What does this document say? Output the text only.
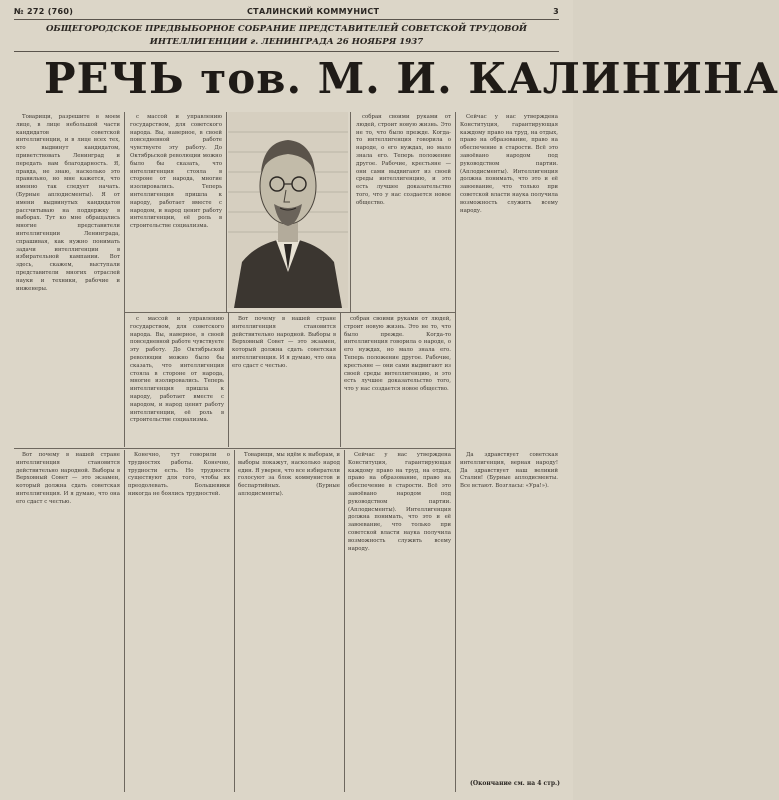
№ 272 (760)	СТАЛИНСКИЙ КОММУНИСТ	3
ОБЩЕГОРОДСКОЕ ПРЕДВЫБОРНОЕ СОБРАНИЕ ПРЕДСТАВИТЕЛЕЙ СОВЕТСКОЙ ТРУДОВОЙ
ИНТЕЛЛИГЕНЦИИ г. ЛЕНИНГРАДА 26 НОЯБРЯ 1937
РЕЧЬ тов. М. И. КАЛИНИНА

Товарищи, разрешите в моем лице, в лице небольшой части кандидатов советской интеллигенции, и в лице всех тех, кто выдвинут кандидатом, приветствовать Ленинград и передать вам благодарность. Я, правда, не знаю, насколько это правильно, но мне кажется, что именно так следует начать. (Бурные аплодисменты). Я от имени выдвинутых кандидатов рассчитываю на поддержку в выборах. Тут ко мне обращались многие представители интеллигенции Ленинграда, спрашивая, как нужно понимать задачи интеллигенции в избирательной кампании. Вот здесь, скажем, выступали представители многих отраслей науки и техники, рабочие и инженеры.

с массой и управлению государством, для советского народа. Вы, наверное, в своей повседневной работе чувствуете эту работу. До Октябрьской революции можно было бы сказать, что интеллигенция стояла в стороне от народа, многие изолировались. Теперь интеллигенция пришла к народу, работает вместе с народом, и народ ценит работу интеллигенции, её роль в строительстве социализма.

собран своими руками от людей, строит новую жизнь. Это не то, что было прежде. Когда-то интеллигенция говорила о народе, о его нуждах, но мало знала его. Теперь положение другое. Рабочие, крестьяне — они сами выдвигают из своей среды интеллигенцию, и это есть лучшее доказательство того, что у нас создается новое общество.

Сейчас у нас утверждена Конституция, гарантирующая каждому право на труд, на отдых, право на образование, право на обеспечение в старости. Всё это завоёвано народом под руководством партии. (Аплодисменты). Интеллигенция должна понимать, что это и её завоевание, что только при советской власти наука получила возможность служить всему народу.

с массой и управлению государством, для советского народа. Вы, наверное, в своей повседневной работе чувствуете эту работу. До Октябрьской революции можно было бы сказать, что интеллигенция стояла в стороне от народа, многие изолировались. Теперь интеллигенция пришла к народу, работает вместе с народом, и народ ценит работу интеллигенции, её роль в строительстве социализма.

Вот почему в нашей стране интеллигенция становится действительно народной. Выборы в Верховный Совет — это экзамен, который должна сдать советская интеллигенция. И я думаю, что она его сдаст с честью.

собран своими руками от людей, строит новую жизнь. Это не то, что было прежде. Когда-то интеллигенция говорила о народе, о его нуждах, но мало знала его. Теперь положение другое. Рабочие, крестьяне — они сами выдвигают из своей среды интеллигенцию, и это есть лучшее доказательство того, что у нас создается новое общество.

Вот почему в нашей стране интеллигенция становится действительно народной. Выборы в Верховный Совет — это экзамен, который должна сдать советская интеллигенция. И я думаю, что она его сдаст с честью.

Конечно, тут говорили о трудностях работы. Конечно, трудности есть. Но трудности существуют для того, чтобы их преодолевать. Большевики никогда не боялись трудностей.

Товарищи, мы идём к выборам, и выборы покажут, насколько народ един. Я уверен, что все избиратели голосуют за блок коммунистов и беспартийных. (Бурные аплодисменты).

Сейчас у нас утверждена Конституция, гарантирующая каждому право на труд, на отдых, право на образование, право на обеспечение в старости. Всё это завоёвано народом под руководством партии. (Аплодисменты). Интеллигенция должна понимать, что это и её завоевание, что только при советской власти наука получила возможность служить всему народу.

Да здравствует советская интеллигенция, верная народу! Да здравствует наш великий Сталин! (Бурные аплодисменты. Все встают. Возгласы: «Ура!»).

(Окончание см. на 4 стр.)
